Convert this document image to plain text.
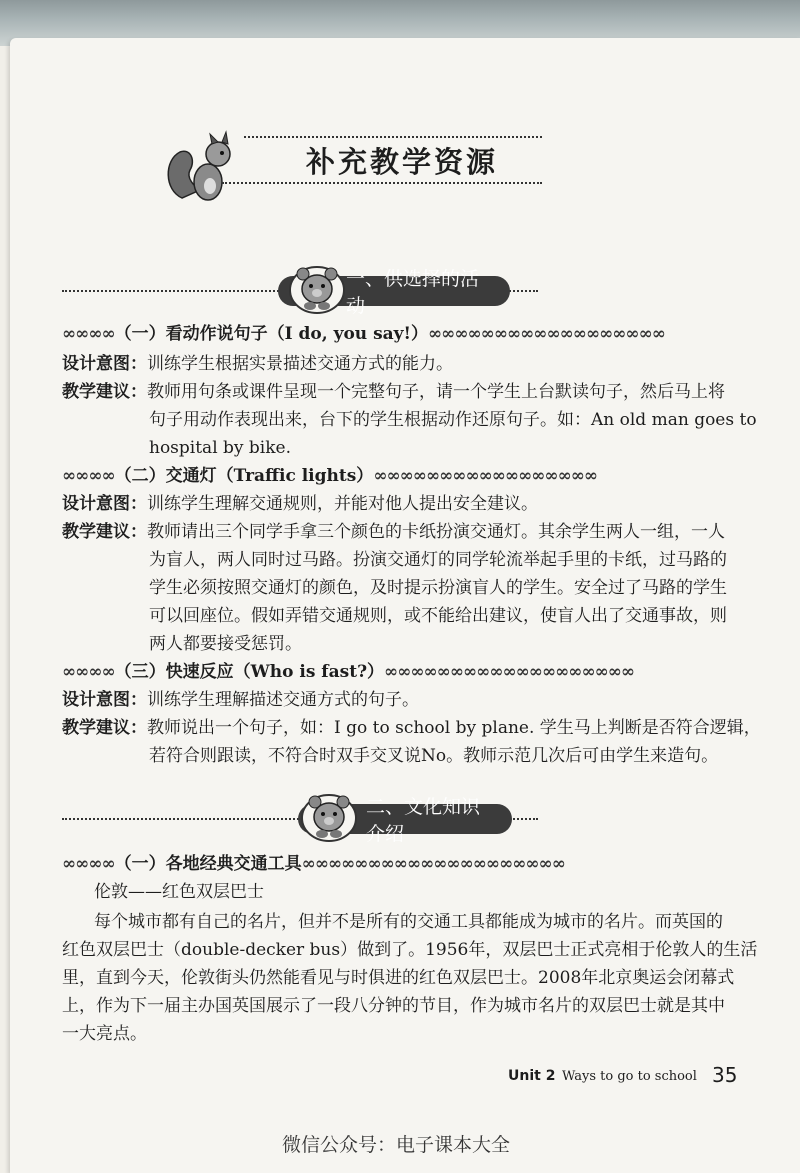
补充教学资源
一、供选择的活动
∞∞∞∞（一）看动作说句子（I do, you say!）∞∞∞∞∞∞∞∞∞∞∞∞∞∞∞∞∞∞
设计意图：训练学生根据实景描述交通方式的能力。
教学建议：教师用句条或课件呈现一个完整句子，请一个学生上台默读句子，然后马上将
句子用动作表现出来，台下的学生根据动作还原句子。如：An old man goes to
hospital by bike.
∞∞∞∞（二）交通灯（Traffic lights）∞∞∞∞∞∞∞∞∞∞∞∞∞∞∞∞∞
设计意图：训练学生理解交通规则，并能对他人提出安全建议。
教学建议：教师请出三个同学手拿三个颜色的卡纸扮演交通灯。其余学生两人一组，一人
为盲人，两人同时过马路。扮演交通灯的同学轮流举起手里的卡纸，过马路的
学生必须按照交通灯的颜色，及时提示扮演盲人的学生。安全过了马路的学生
可以回座位。假如弄错交通规则，或不能给出建议，使盲人出了交通事故，则
两人都要接受惩罚。
∞∞∞∞（三）快速反应（Who is fast?）∞∞∞∞∞∞∞∞∞∞∞∞∞∞∞∞∞∞∞
设计意图：训练学生理解描述交通方式的句子。
教学建议：教师说出一个句子，如：I go to school by plane. 学生马上判断是否符合逻辑，
若符合则跟读，不符合时双手交叉说No。教师示范几次后可由学生来造句。
二、文化知识介绍
∞∞∞∞（一）各地经典交通工具∞∞∞∞∞∞∞∞∞∞∞∞∞∞∞∞∞∞∞∞
伦敦——红色双层巴士
每个城市都有自己的名片，但并不是所有的交通工具都能成为城市的名片。而英国的
红色双层巴士（double-decker bus）做到了。1956年，双层巴士正式亮相于伦敦人的生活
里，直到今天，伦敦街头仍然能看见与时俱进的红色双层巴士。2008年北京奥运会闭幕式
上，作为下一届主办国英国展示了一段八分钟的节目，作为城市名片的双层巴士就是其中
一大亮点。
Unit 2 Ways to go to school 35
微信公众号：电子课本大全
